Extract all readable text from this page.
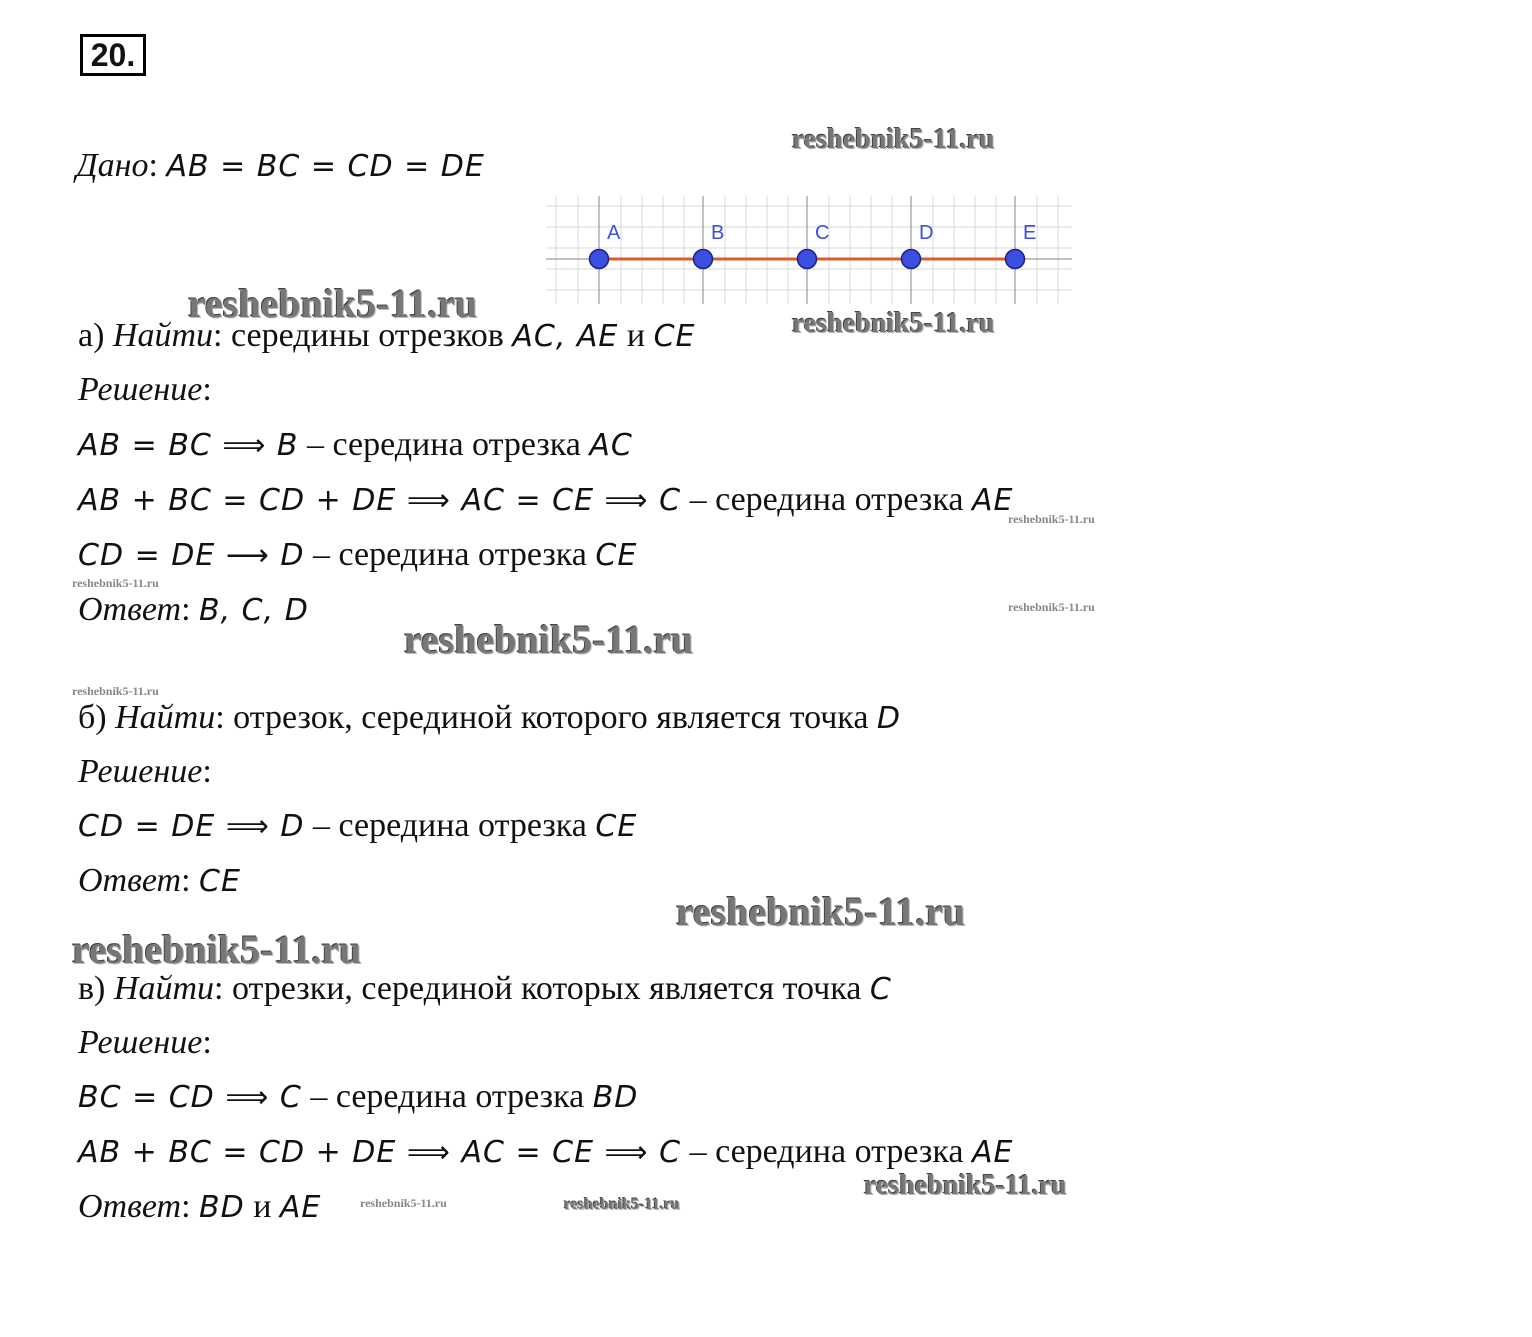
20.
Дано: AB = BC = CD = DE
A	B	C	D	E
а) Найти: середины отрезков AC, AE и CE
Решение:
AB = BC ⟹ B – середина отрезка AC
AB + BC = CD + DE ⟹ AC = CE ⟹ C – середина отрезка AE
CD = DE ⟶ D – середина отрезка CE
Ответ: B, C, D
б) Найти: отрезок, серединой которого является точка D
Решение:
CD = DE ⟹ D – середина отрезка CE
Ответ: CE
в) Найти: отрезки, серединой которых является точка C
Решение:
BC = CD ⟹ C – середина отрезка BD
AB + BC = CD + DE ⟹ AC = CE ⟹ C – середина отрезка AE
Ответ: BD и AE
reshebnik5-11.ru
reshebnik5-11.ru	reshebnik5-11.ru
reshebnik5-11.ru
reshebnik5-11.ru
reshebnik5-11.ru
reshebnik5-11.ru
reshebnik5-11.ru
reshebnik5-11.ru
reshebnik5-11.ru
reshebnik5-11.ru
reshebnik5-11.ru	reshebnik5-11.ru
